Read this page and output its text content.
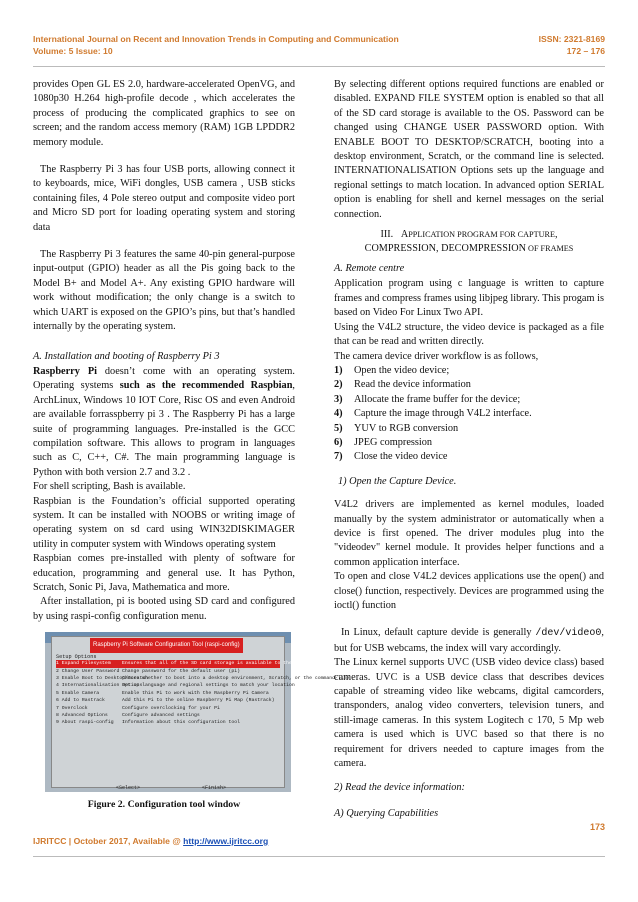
International Journal on Recent and Innovation Trends in Computing and Communication	ISSN: 2321-8169
Volume: 5 Issue: 10	172 – 176

provides Open GL ES 2.0, hardware-accelerated OpenVG, and 1080p30 H.264 high-profile decode , which accelerates the process of producing the complicated graphics to see on screen; and the random access memory (RAM) 1GB LPDDR2 memory module.

The Raspberry Pi 3 has four USB ports, allowing connect it to keyboards, mice, WiFi dongles, USB camera , USB sticks containing files, 4 Pole stereo output and composite video port and Micro SD port for loading operating system and storing data

The Raspberry Pi 3 features the same 40-pin general-purpose input-output (GPIO) header as all the Pis going back to the Model B+ and Model A+. Any existing GPIO hardware will work without modification; the only change is a switch to which UART is exposed on the GPIO’s pins, but that’s handled internally by the operating system.

A. Installation and booting of Raspberry Pi 3

Raspberry Pi doesn’t come with an operating system. Operating systems such as the recommended Raspbian, ArchLinux, Windows 10 IOT Core, Risc OS and even Android are available forrasspberry pi 3 . The Raspberry Pi has a large suite of programming languages. Pre-installed is the GCC compilation software. This allows to program in languages such as C, C++, C#. The main programming language is Python with both version 2.7 and 3.2 .

For shell scripting, Bash is available.

Raspbian is the Foundation’s official supported operating system. It can be installed with NOOBS or writing image of operating system on sd card using WIN32DISKIMAGER utility in computer system with Windows operating system

Raspbian comes pre-installed with plenty of software for education, programming and general use. It has Python, Scratch, Sonic Pi, Java, Mathematica and more.

After installation, pi is booted using SD card and configured by using raspi-config configuration menu.

Raspberry Pi Software Configuration Tool (raspi-config)
Setup Options
1 Expand Filesystem	Ensures that all of the SD card storage is available to the OS
2 Change User Password Change password for the default user (pi)
3 Enable Boot to Desktop/Scratch
Choose whether to boot into a desktop environment, Scratch, or the command-line
4 Internationalisation Options
Set up language and regional settings to match your location
5 Enable Camera	Enable this Pi to work with the Raspberry Pi Camera
6 Add to Rastrack	Add this Pi to the online Raspberry Pi Map (Rastrack)
7 Overclock	Configure overclocking for your Pi
8 Advanced Options	Configure advanced settings
9 About raspi-config	Information about this configuration tool
<Select>	<Finish>

Figure 2. Configuration tool window

By selecting different options required functions are enabled or disabled. EXPAND FILE SYSTEM option is enabled so that all of the SD card storage is available to the OS. Password can be changed using CHANGE USER PASSWORD option. With ENABLE BOOT TO DESKTOP/SCRATCH, booting into a desktop environment, Scratch, or the command line is selected. INTERNATIONALISATION Options sets up the language and regional settings to match location. In advanced option SERIAL option is enabling for shell and kernel messages on the serial connection.

III. APPLICATION PROGRAM FOR CAPTURE,
COMPRESSION, DECOMPRESSION OF FRAMES

A. Remote centre

Application program using c language is written to capture frames and compress frames using libjpeg library. This progam is based on Video For Linux Two API.

Using the V4L2 structure, the video device is packaged as a file that can be read and written directly.

The camera device driver workflow is as follows,

1)	Open the video device;
2)	Read the device information
3)	Allocate the frame buffer for the device;
4)	Capture the image through V4L2 interface.
5)	YUV to RGB conversion
6)	JPEG compression
7)	Close the video device

1) Open the Capture Device.

V4L2 drivers are implemented as kernel modules, loaded manually by the system administrator or automatically when a device is first opened. The driver modules plug into the "videodev" kernel module. It provides helper functions and a common application interface.

To open and close V4L2 devices applications use the open() and close() function, respectively. Devices are programmed using the ioctl() function

In Linux, default capture devide is generally /dev/video0, but for USB webcams, the index will vary accordingly.

The Linux kernel supports UVC (USB video device class) based cameras. UVC is a USB device class that describes devices capable of streaming video like webcams, digital camcorders, transponders, analog video converters, television tuners, and still-image cameras. In this system Logitech c 170, 5 Mp web camera is used which is UVC based so that there is no requirement for drivers needed to capture images from the camera.

2) Read the device information:

A) Querying Capabilities

173
IJRITCC | October 2017, Available @ http://www.ijritcc.org
